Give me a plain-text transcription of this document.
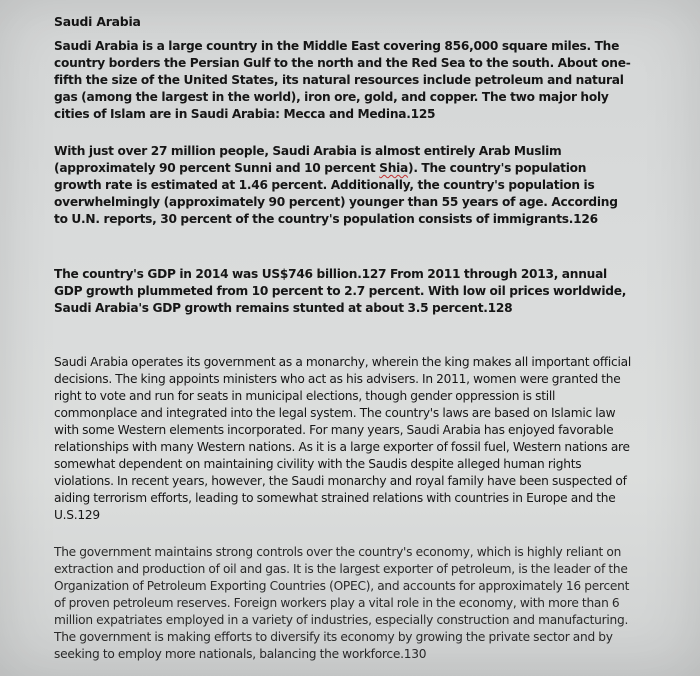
Saudi Arabia

Saudi Arabia is a large country in the Middle East covering 856,000 square miles. The country borders the Persian Gulf to the north and the Red Sea to the south. About one-fifth the size of the United States, its natural resources include petroleum and natural gas (among the largest in the world), iron ore, gold, and copper. The two major holy cities of Islam are in Saudi Arabia: Mecca and Medina.125

With just over 27 million people, Saudi Arabia is almost entirely Arab Muslim (approximately 90 percent Sunni and 10 percent Shia). The country's population growth rate is estimated at 1.46 percent. Additionally, the country's population is overwhelmingly (approximately 90 percent) younger than 55 years of age. According to U.N. reports, 30 percent of the country's population consists of immigrants.126

The country's GDP in 2014 was US$746 billion.127 From 2011 through 2013, annual GDP growth plummeted from 10 percent to 2.7 percent. With low oil prices worldwide, Saudi Arabia's GDP growth remains stunted at about 3.5 percent.128

Saudi Arabia operates its government as a monarchy, wherein the king makes all important official decisions. The king appoints ministers who act as his advisers. In 2011, women were granted the right to vote and run for seats in municipal elections, though gender oppression is still commonplace and integrated into the legal system. The country's laws are based on Islamic law with some Western elements incorporated. For many years, Saudi Arabia has enjoyed favorable relationships with many Western nations. As it is a large exporter of fossil fuel, Western nations are somewhat dependent on maintaining civility with the Saudis despite alleged human rights violations. In recent years, however, the Saudi monarchy and royal family have been suspected of aiding terrorism efforts, leading to somewhat strained relations with countries in Europe and the U.S.129

The government maintains strong controls over the country's economy, which is highly reliant on extraction and production of oil and gas. It is the largest exporter of petroleum, is the leader of the Organization of Petroleum Exporting Countries (OPEC), and accounts for approximately 16 percent of proven petroleum reserves. Foreign workers play a vital role in the economy, with more than 6 million expatriates employed in a variety of industries, especially construction and manufacturing. The government is making efforts to diversify its economy by growing the private sector and by seeking to employ more nationals, balancing the workforce.130
